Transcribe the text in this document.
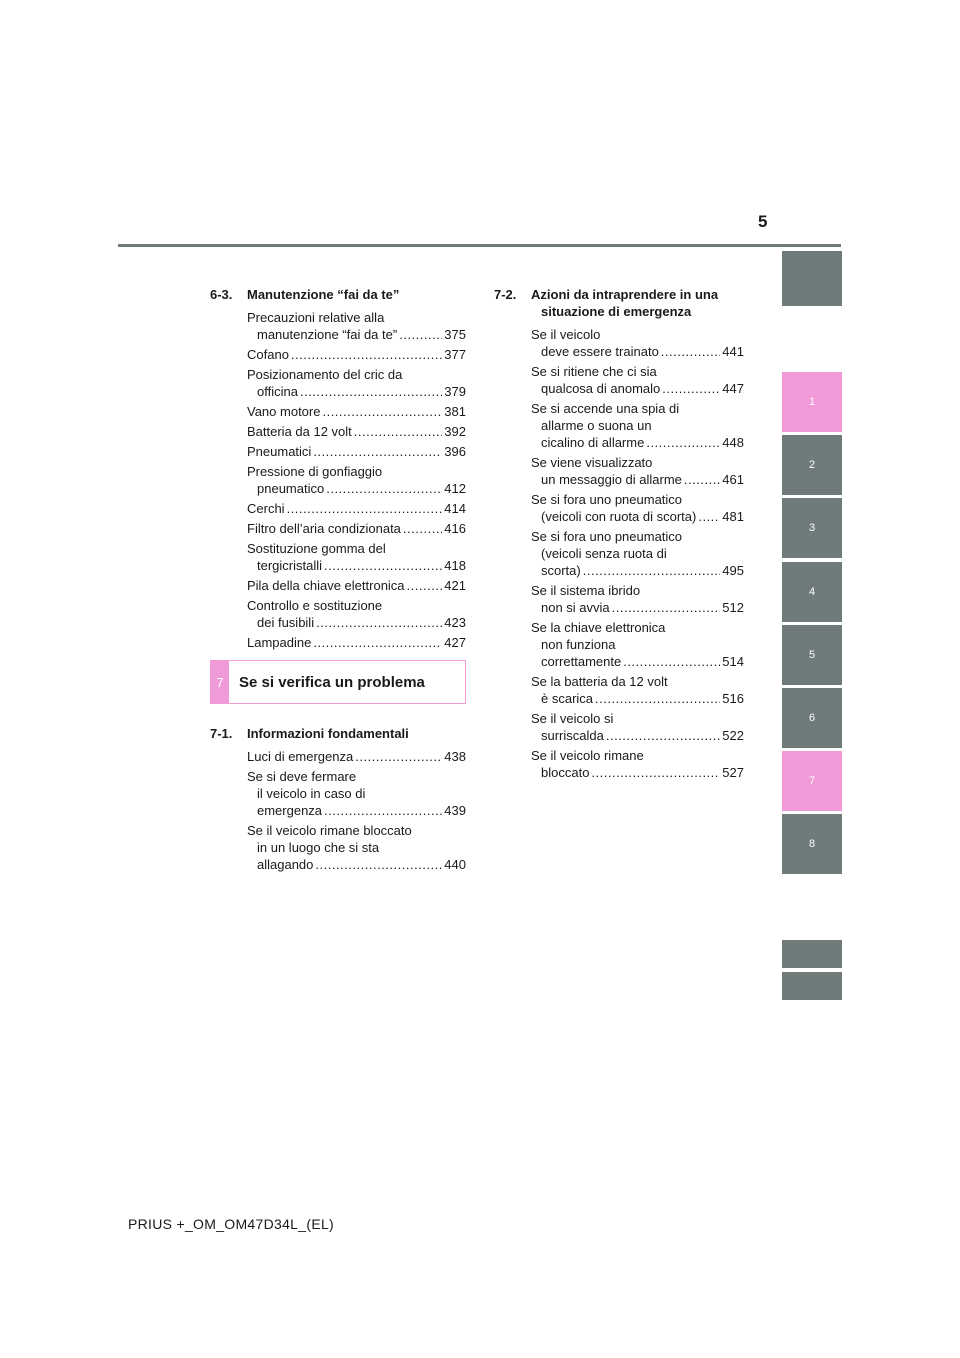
5
6-3.	Manutenzione “fai da te”
Precauzioni relative alla
manutenzione “fai da te” .....	375
Cofano .....	377
Posizionamento del cric da
officina .....	379
Vano motore .....	381
Batteria da 12 volt .....	392
Pneumatici .....	396
Pressione di gonfiaggio
pneumatico .....	412
Cerchi .....	414
Filtro dell’aria condizionata .....	416
Sostituzione gomma del
tergicristalli .....	418
Pila della chiave elettronica .....	421
Controllo e sostituzione
dei fusibili .....	423
Lampadine .....	427
7	Se si verifica un problema
7-1.	Informazioni fondamentali
Luci di emergenza .....	438
Se si deve fermare
il veicolo in caso di
emergenza .....	439
Se il veicolo rimane bloccato
in un luogo che si sta
allagando .....	440
7-2.	Azioni da intraprendere in una
situazione di emergenza
Se il veicolo
deve essere trainato .....	441
Se si ritiene che ci sia
qualcosa di anomalo .....	447
Se si accende una spia di
allarme o suona un
cicalino di allarme .....	448
Se viene visualizzato
un messaggio di allarme .....	461
Se si fora uno pneumatico
(veicoli con ruota di scorta) ..... 481
Se si fora uno pneumatico
(veicoli senza ruota di
scorta) .....	495
Se il sistema ibrido
non si avvia .....	512
Se la chiave elettronica
non funziona
correttamente .....	514
Se la batteria da 12 volt
è scarica .....	516
Se il veicolo si
surriscalda .....	522
Se il veicolo rimane
bloccato .....	527
1
2
3
4
5
6
7
8
PRIUS +_OM_OM47D34L_(EL)
